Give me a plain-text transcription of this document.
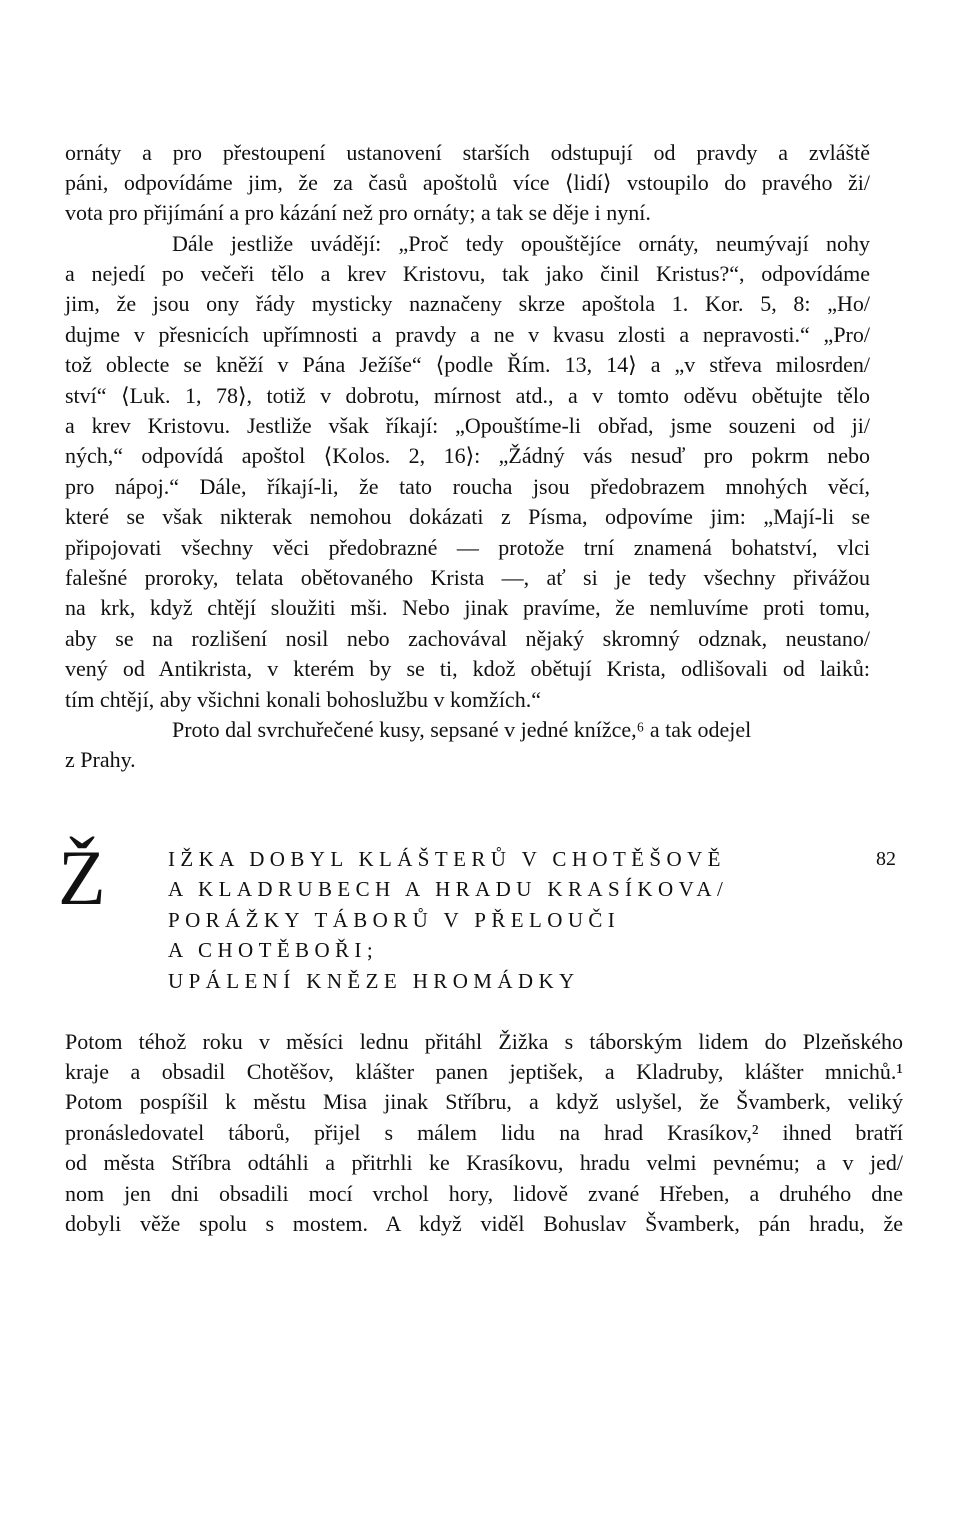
ornáty a pro přestoupení ustanovení starších odstupují od pravdy a zvláště
páni, odpovídáme jim, že za časů apoštolů více ⟨lidí⟩ vstoupilo do pravého ži/
vota pro přijímání a pro kázání než pro ornáty; a tak se děje i nyní.
Dále jestliže uvádějí: „Proč tedy opouštějíce ornáty, neumývají nohy
a nejedí po večeři tělo a krev Kristovu, tak jako činil Kristus?“, odpovídáme
jim, že jsou ony řády mysticky naznačeny skrze apoštola 1. Kor. 5, 8: „Ho/
dujme v přesnicích upřímnosti a pravdy a ne v kvasu zlosti a nepravosti.“ „Pro/
tož oblecte se kněží v Pána Ježíše“ ⟨podle Řím. 13, 14⟩ a „v střeva milosrden/
ství“ ⟨Luk. 1, 78⟩, totiž v dobrotu, mírnost atd., a v tomto oděvu obětujte tělo
a krev Kristovu. Jestliže však říkají: „Opouštíme-li obřad, jsme souzeni od ji/
ných,“ odpovídá apoštol ⟨Kolos. 2, 16⟩: „Žádný vás nesuď pro pokrm nebo
pro nápoj.“ Dále, říkají-li, že tato roucha jsou předobrazem mnohých věcí,
které se však nikterak nemohou dokázati z Písma, odpovíme jim: „Mají-li se
připojovati všechny věci předobrazné — protože trní znamená bohatství, vlci
falešné proroky, telata obětovaného Krista —, ať si je tedy všechny přivážou
na krk, když chtějí sloužiti mši. Nebo jinak pravíme, že nemluvíme proti tomu,
aby se na rozlišení nosil nebo zachovával nějaký skromný odznak, neustano/
vený od Antikrista, v kterém by se ti, kdož obětují Krista, odlišovali od laiků:
tím chtějí, aby všichni konali bohoslužbu v komžích.“
Proto dal svrchuřečené kusy, sepsané v jedné knížce,⁶ a tak odejel
z Prahy.
Ž	IŽKA DOBYL KLÁŠTERŮ V CHOTĚŠOVĚ
A KLADRUBECH A HRADU KRASÍKOVA/
PORÁŽKY TÁBORŮ V PŘELOUČI
A CHOTĚBOŘI;
UPÁLENÍ KNĚZE HROMÁDKY
82
Potom téhož roku v měsíci lednu přitáhl Žižka s táborským lidem do Plzeňského
kraje a obsadil Chotěšov, klášter panen jeptišek, a Kladruby, klášter mnichů.¹
Potom pospíšil k městu Misa jinak Stříbru, a když uslyšel, že Švamberk, veliký
pronásledovatel táborů, přijel s málem lidu na hrad Krasíkov,² ihned bratří
od města Stříbra odtáhli a přitrhli ke Krasíkovu, hradu velmi pevnému; a v jed/
nom jen dni obsadili mocí vrchol hory, lidově zvané Hřeben, a druhého dne
dobyli věže spolu s mostem. A když viděl Bohuslav Švamberk, pán hradu, že
